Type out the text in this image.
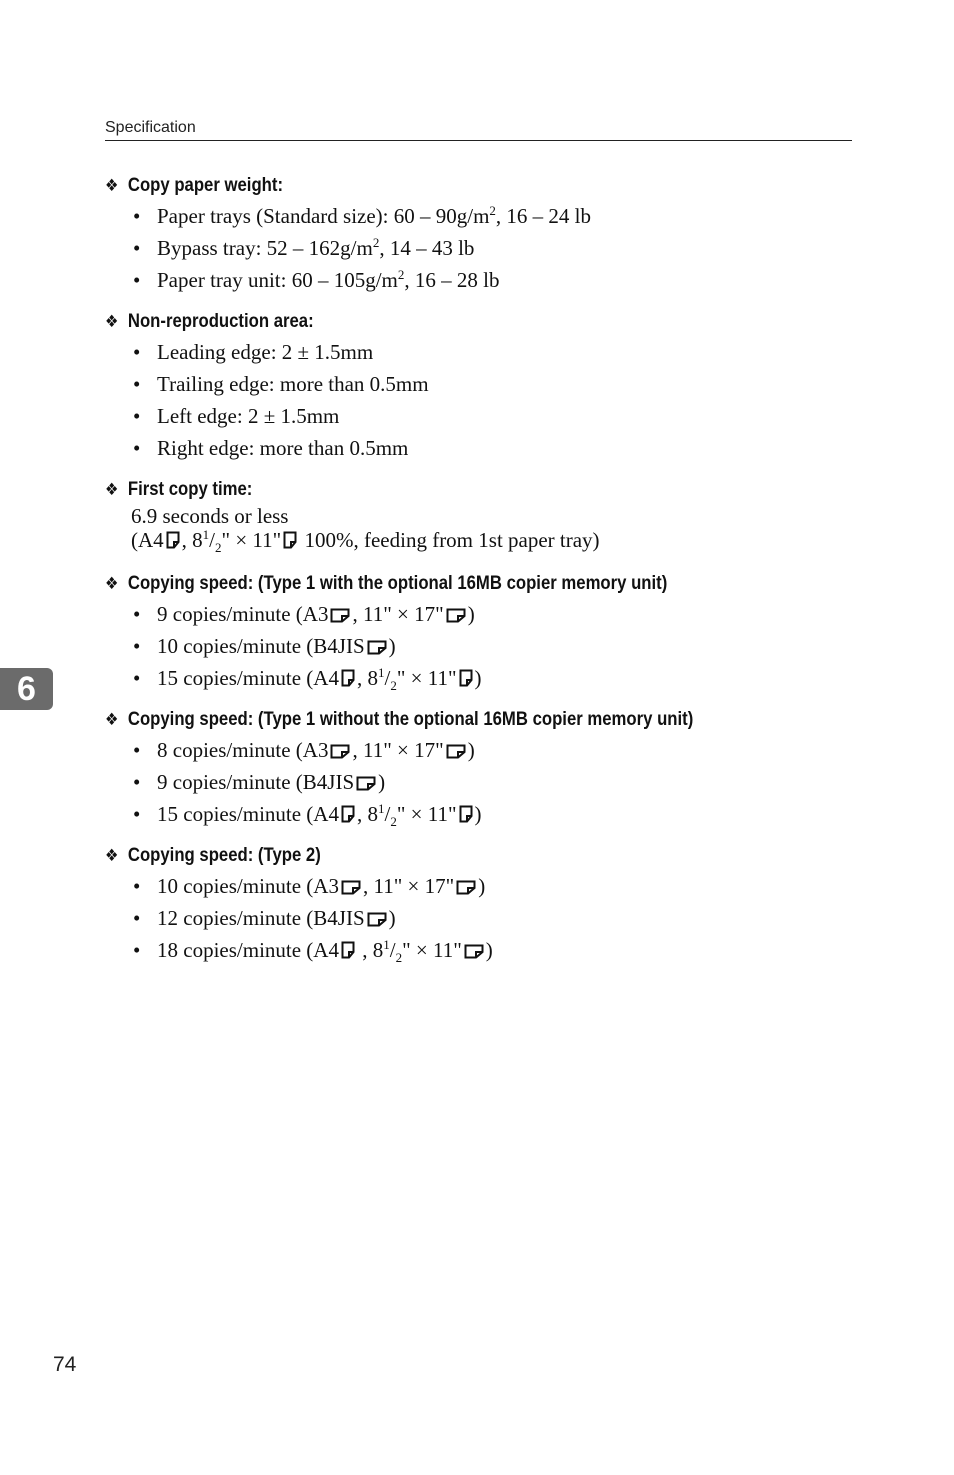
Specification
6
❖ Copy paper weight:
• Paper trays (Standard size): $60 - 90g/m^2$, 16 – 24 lb
• Bypass tray: $52 - 162g/m^2$, 14 – 43 lb
• Paper tray unit: $60 - 105g/m^2$, 16 – 28 lb
❖ Non-reproduction area:
• Leading edge: 2 ± 1.5mm
• Trailing edge: more than 0.5mm
• Left edge: 2 ± 1.5mm
• Right edge: more than 0.5mm
❖ First copy time:
6.9 seconds or less
(A4 , $8^1/_2$" × 11" 100%, feeding from 1st paper tray)
❖ Copying speed: (Type 1 with the optional 16MB copier memory unit)
• 9 copies/minute (A3 , 11" × 17" )
• 10 copies/minute (B4JIS )
• 15 copies/minute (A4 , $8^1/_2$" × 11" )
❖ Copying speed: (Type 1 without the optional 16MB copier memory unit)
• 8 copies/minute (A3 , 11" × 17" )
• 9 copies/minute (B4JIS )
• 15 copies/minute (A4 , $8^1/_2$" × 11" )
❖ Copying speed: (Type 2)
• 10 copies/minute (A3 , 11" × 17" )
• 12 copies/minute (B4JIS )
• 18 copies/minute (A4 , $8^1/_2$" × 11" )
74
